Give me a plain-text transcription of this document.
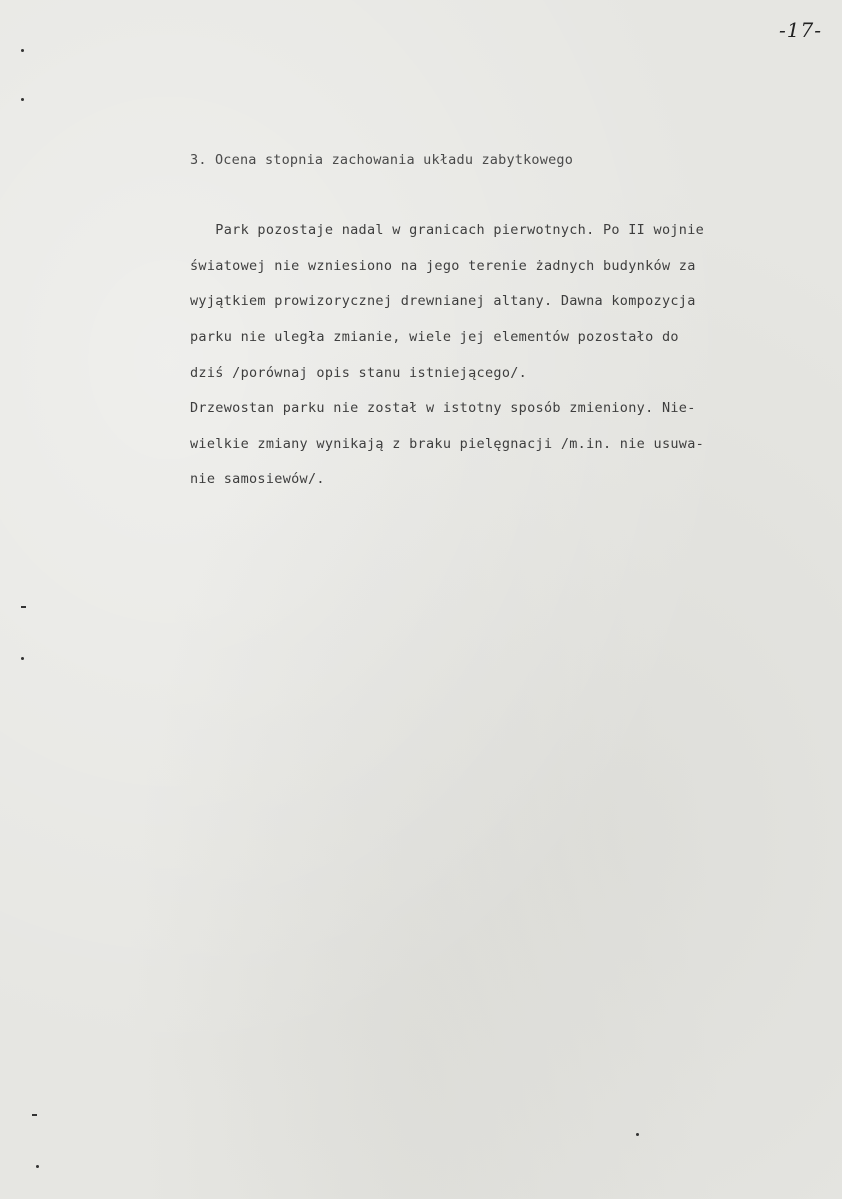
-17-
3. Ocena stopnia zachowania układu zabytkowego
Park pozostaje nadal w granicach pierwotnych. Po II wojnie
światowej nie wzniesiono na jego terenie żadnych budynków za
wyjątkiem prowizorycznej drewnianej altany. Dawna kompozycja
parku nie uległa zmianie, wiele jej elementów pozostało do
dziś /porównaj opis stanu istniejącego/.
Drzewostan parku nie został w istotny sposób zmieniony. Nie-
wielkie zmiany wynikają z braku pielęgnacji /m.in. nie usuwa-
nie samosiewów/.
